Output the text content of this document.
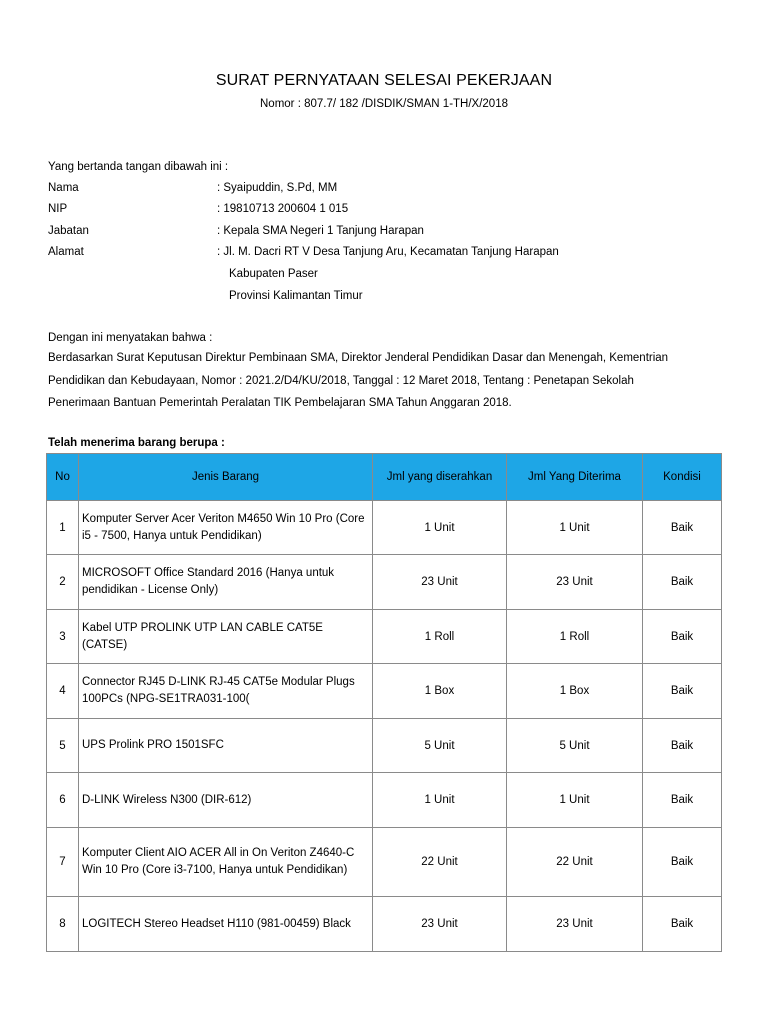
SURAT PERNYATAAN SELESAI PEKERJAAN
Nomor : 807.7/ 182 /DISDIK/SMAN 1-TH/X/2018
Yang bertanda tangan dibawah ini :
Nama	: Syaipuddin, S.Pd, MM
NIP	: 19810713 200604 1 015
Jabatan	: Kepala SMA Negeri 1 Tanjung Harapan
Alamat	: Jl. M. Dacri RT V Desa Tanjung Aru, Kecamatan Tanjung Harapan
Kabupaten Paser
Provinsi Kalimantan Timur
Dengan ini menyatakan bahwa :
Berdasarkan Surat Keputusan Direktur Pembinaan SMA, Direktor Jenderal Pendidikan Dasar dan Menengah, Kementrian
Pendidikan dan Kebudayaan, Nomor : 2021.2/D4/KU/2018, Tanggal : 12 Maret 2018, Tentang : Penetapan Sekolah
Penerimaan Bantuan Pemerintah Peralatan TIK Pembelajaran SMA Tahun Anggaran 2018.
Telah menerima barang berupa :
No	Jenis Barang	Jml yang diserahkan	Jml Yang Diterima	Kondisi
1	Komputer Server Acer Veriton M4650 Win 10 Pro (Core
i5 - 7500, Hanya untuk Pendidikan)	1 Unit	1 Unit	Baik
2	MICROSOFT Office Standard 2016 (Hanya untuk
pendidikan - License Only)	23 Unit	23 Unit	Baik
3	Kabel UTP PROLINK UTP LAN CABLE CAT5E (CATSE)	1 Roll	1 Roll	Baik
4	Connector RJ45 D-LINK RJ-45 CAT5e Modular Plugs
100PCs (NPG-SE1TRA031-100(	1 Box	1 Box	Baik
5	UPS Prolink PRO 1501SFC	5 Unit	5 Unit	Baik
6	D-LINK Wireless N300 (DIR-612)	1 Unit	1 Unit	Baik
7	Komputer Client AIO ACER All in On Veriton Z4640-C
Win 10 Pro (Core i3-7100, Hanya untuk Pendidikan)	22 Unit	22 Unit	Baik
8	LOGITECH Stereo Headset H110 (981-00459) Black	23 Unit	23 Unit	Baik
